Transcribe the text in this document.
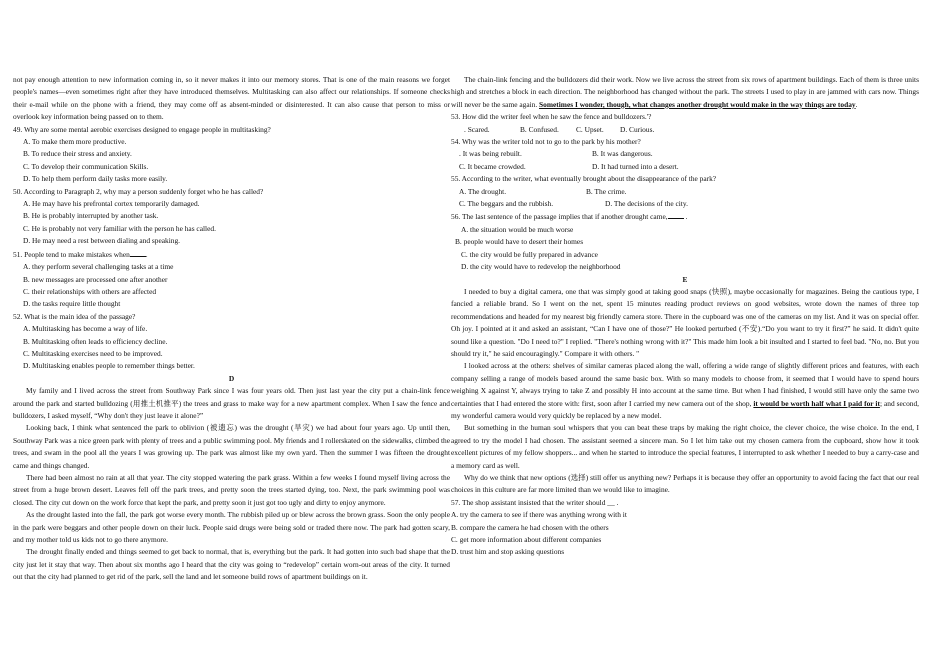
not pay enough attention to new information coming in, so it never makes it into our memory stores. That is one of the main reasons we forget people's names—even sometimes right after they have introduced themselves. Multitasking can also affect our relationships. If someone checks their e-mail while on the phone with a friend, they may come off as absent-minded or disinterested. It can also cause that person to miss or overlook key information being passed on to them.

49. Why are some mental aerobic exercises designed to engage people in multitasking?

A. To make them more productive.

B. To reduce their stress and anxiety.

C. To develop their communication Skills.

D. To help them perform daily tasks more easily.

50. According to Paragraph 2, why may a person suddenly forget who he has called?

A. He may have his prefrontal cortex temporarily damaged.

B. He is probably interrupted by another task.

C. He is probably not very familiar with the person he has called.

D. He may need a rest between dialing and speaking.

51. People tend to make mistakes when .

A. they perform several challenging tasks at a time

B. new messages are processed one after another

C. their relationships with others are affected

D. the tasks require little thought

52. What is the main idea of the passage?

A. Multitasking has become a way of life.

B. Multitasking often leads to efficiency decline.

C. Multitasking exercises need to be improved.

D. Multitasking enables people to remember things better.

D

My family and I lived across the street from Southway Park since I was four years old. Then just last year the city put a chain-link fence around the park and started bulldozing (用推土机推平) the trees and grass to make way for a new apartment complex. When I saw the fence and bulldozers, I asked myself, “Why don't they just leave it alone?”

Looking back, I think what sentenced the park to oblivion (被遗忘) was the drought (旱灾) we had about four years ago. Up until then, Southway Park was a nice green park with plenty of trees and a public swimming pool. My friends and I rollerskated on the sidewalks, climbed the trees, and swam in the pool all the years I was growing up. The park was almost like my own yard. Then the summer I was fifteen the drought came and things changed.

There had been almost no rain at all that year. The city stopped watering the park grass. Within a few weeks I found myself living across the street from a huge brown desert. Leaves fell off the park trees, and pretty soon the trees started dying, too. Next, the park swimming pool was closed. The city cut down on the work force that kept the park, and pretty soon it just got too ugly and dirty to enjoy anymore.

As the drought lasted into the fall, the park got worse every month. The rubbish piled up or blew across the brown grass. Soon the only people in the park were beggars and other people down on their luck. People said drugs were being sold or traded there now. The park had gotten scary, and my mother told us kids not to go there anymore.

The drought finally ended and things seemed to get back to normal, that is, everything but the park. It had gotten into such bad shape that the city just let it stay that way. Then about six months ago I heard that the city was going to “redevelop” certain worn-out areas of the city. It turned out that the city had planned to get rid of the park, sell the land and let someone build rows of apartment buildings on it.

The chain-link fencing and the bulldozers did their work. Now we live across the street from six rows of apartment buildings. Each of them is three units high and stretches a block in each direction. The neighborhood has changed without the park. The streets I used to play in are jammed with cars now. Things will never be the same again. Sometimes I wonder, though, what changes another drought would make in the way things are today.

53. How did the writer feel when he saw the fence and bulldozers.'?

. Scared.	B. Confused.	C. Upset.	D. Curious.

54. Why was the writer told not to go to the park by his mother?

. It was being rebuilt.	B. It was dangerous.
C. It became crowded.	D. It had turned into a desert.

55. According to the writer, what eventually brought about the disappearance of the park?

A. The drought.	B. The crime.
C. The beggars and the rubbish.	D. The decisions of the city.

56. The last sentence of the passage implies that if another drought came, .

A. the situation would be much worse

B. people would have to desert their homes

C. the city would be fully prepared in advance

D. the city would have to redevelop the neighborhood

E

I needed to buy a digital camera, one that was simply good at taking good snaps (快照), maybe occasionally for magazines. Being the cautious type, I fancied a reliable brand. So I went on the net, spent 15 minutes reading product reviews on good websites, wrote down the names of three top recommendations and headed for my nearest big friendly camera store. There in the cupboard was one of the cameras on my list. And it was on special offer. Oh joy. I pointed at it and asked an assistant, “Can I have one of those?” He looked perturbed (不安).“Do you want to try it first?” he said. It didn't quite sound like a question. "Do I need to?" I replied. "There's nothing wrong with it?" This made him look a bit insulted and I started to feel bad. "No, no. But you should try it," he said encouragingly." Compare it with others. "

I looked across at the others: shelves of similar cameras placed along the wall, offering a wide range of slightly different prices and features, with each company selling a range of models based around the same basic box. With so many models to choose from, it seemed that I would have to spend hours weighing X against Y, always trying to take Z and possibly H into account at the same time. But when I had finished, I would still have only the same two certainties that I had entered the store with: first, soon after I carried my new camera out of the shop, it would be worth half what I paid for it; and second, my wonderful camera would very quickly be replaced by a new model.

But something in the human soul whispers that you can beat these traps by making the right choice, the clever choice, the wise choice. In the end, I agreed to try the model I had chosen. The assistant seemed a sincere man. So I let him take out my chosen camera from the cupboard, show how it took excellent pictures of my fellow shoppers... and when he started to introduce the special features, I interrupted to ask whether I needed to buy a carry-case and a memory card as well.

Why do we think that new options (选择) still offer us anything new? Perhaps it is because they offer an opportunity to avoid facing the fact that our real choices in this culture are far more limited than we would like to imagine.

57. The shop assistant insisted that the writer should __ .

A. try the camera to see if there was anything wrong with it

B. compare the camera he had chosen with the others

C. get more information about different companies

D. trust him and stop asking questions
